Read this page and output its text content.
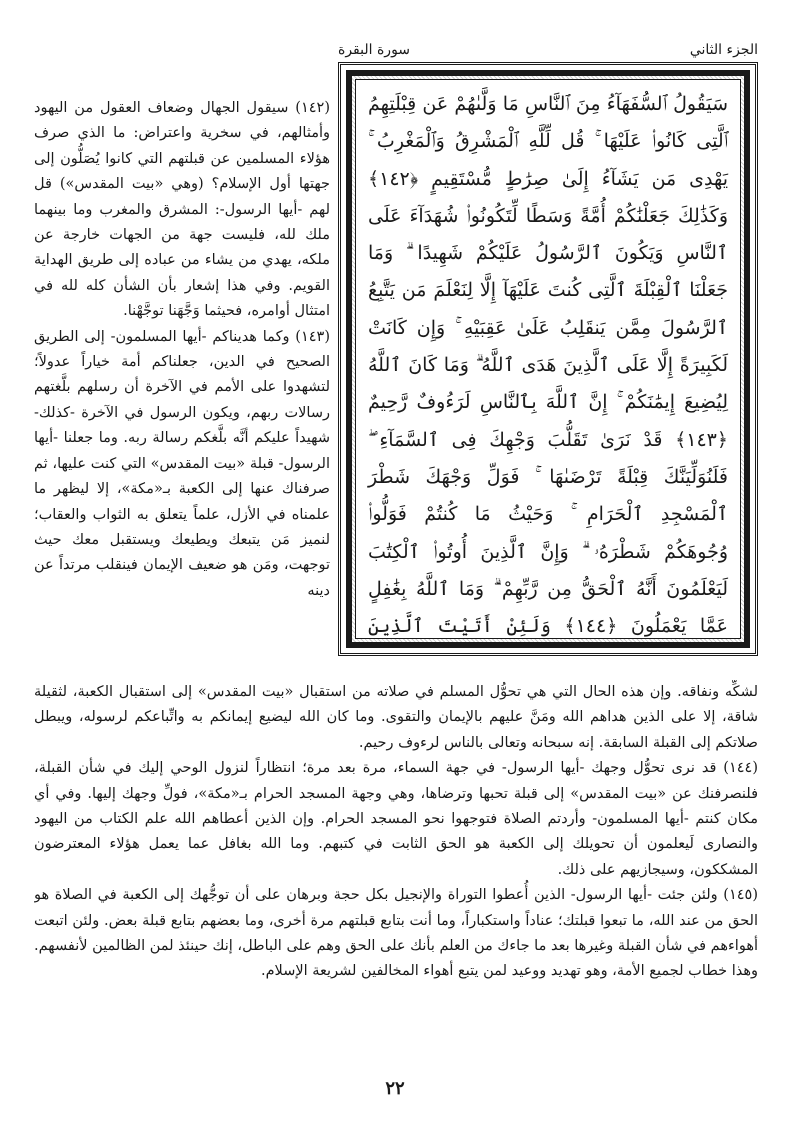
الجزء الثاني
سورة البقرة
سَيَقُولُ ٱلسُّفَهَآءُ مِنَ ٱلنَّاسِ مَا وَلَّىٰهُمْ عَن قِبْلَتِهِمُ ٱلَّتِى كَانُوا۟ عَلَيْهَا ۚ قُل لِّلَّهِ ٱلْمَشْرِقُ وَٱلْمَغْرِبُ ۚ يَهْدِى مَن يَشَآءُ إِلَىٰ صِرَٰطٍ مُّسْتَقِيمٍ ﴿١٤٢﴾ وَكَذَٰلِكَ جَعَلْنَٰكُمْ أُمَّةً وَسَطًا لِّتَكُونُوا۟ شُهَدَآءَ عَلَى ٱلنَّاسِ وَيَكُونَ ٱلرَّسُولُ عَلَيْكُمْ شَهِيدًا ۗ وَمَا جَعَلْنَا ٱلْقِبْلَةَ ٱلَّتِى كُنتَ عَلَيْهَآ إِلَّا لِنَعْلَمَ مَن يَتَّبِعُ ٱلرَّسُولَ مِمَّن يَنقَلِبُ عَلَىٰ عَقِبَيْهِ ۚ وَإِن كَانَتْ لَكَبِيرَةً إِلَّا عَلَى ٱلَّذِينَ هَدَى ٱللَّهُ ۗ وَمَا كَانَ ٱللَّهُ لِيُضِيعَ إِيمَٰنَكُمْ ۚ إِنَّ ٱللَّهَ بِٱلنَّاسِ لَرَءُوفٌ رَّحِيمٌ ﴿١٤٣﴾ قَدْ نَرَىٰ تَقَلُّبَ وَجْهِكَ فِى ٱلسَّمَآءِ ۖ فَلَنُوَلِّيَنَّكَ قِبْلَةً تَرْضَىٰهَا ۚ فَوَلِّ وَجْهَكَ شَطْرَ ٱلْمَسْجِدِ ٱلْحَرَامِ ۚ وَحَيْثُ مَا كُنتُمْ فَوَلُّوا۟ وُجُوهَكُمْ شَطْرَهُۥ ۗ وَإِنَّ ٱلَّذِينَ أُوتُوا۟ ٱلْكِتَٰبَ لَيَعْلَمُونَ أَنَّهُ ٱلْحَقُّ مِن رَّبِّهِمْ ۗ وَمَا ٱللَّهُ بِغَٰفِلٍ عَمَّا يَعْمَلُونَ ﴿١٤٤﴾ وَلَئِنْ أَتَيْتَ ٱلَّذِينَ

(١٤٢) سيقول الجهال وضعاف العقول من اليهود وأمثالهم، في سخرية واعتراض: ما الذي صرف هؤلاء المسلمين عن قبلتهم التي كانوا يُصَلُّون إلى جهتها أول الإسلام؟ (وهي «بيت المقدس») قل لهم -أيها الرسول-: المشرق والمغرب وما بينهما ملك لله، فليست جهة من الجهات خارجة عن ملكه، يهدي من يشاء من عباده إلى طريق الهداية القويم. وفي هذا إشعار بأن الشأن كله لله في امتثال أوامره، فحيثما وَجَّهَنا توجَّهْنا.

(١٤٣) وكما هديناكم -أيها المسلمون- إلى الطريق الصحيح في الدين، جعلناكم أمة خياراً عدولاً؛ لتشهدوا على الأمم في الآخرة أن رسلهم بلَّغتهم رسالات ربهم، ويكون الرسول في الآخرة -كذلك- شهيداً عليكم أنَّه بلَّغكم رسالة ربه. وما جعلنا -أيها الرسول- قبلة «بيت المقدس» التي كنت عليها، ثم صرفناك عنها إلى الكعبة بـ«مكة»، إلا ليظهر ما علمناه في الأزل، علماً يتعلق به الثواب والعقاب؛ لنميز مَن يتبعك ويطيعك ويستقبل معك حيث توجهت، ومَن هو ضعيف الإيمان فينقلب مرتداً عن دينه

لشكِّه ونفاقه. وإن هذه الحال التي هي تحوُّل المسلم في صلاته من استقبال «بيت المقدس» إلى استقبال الكعبة، لثقيلة شاقة، إلا على الذين هداهم الله ومَنَّ عليهم بالإيمان والتقوى. وما كان الله ليضيع إيمانكم به واتِّباعكم لرسوله، ويبطل صلاتكم إلى القبلة السابقة. إنه سبحانه وتعالى بالناس لرءوف رحيم.

(١٤٤) قد نرى تحوُّل وجهك -أيها الرسول- في جهة السماء، مرة بعد مرة؛ انتظاراً لنزول الوحي إليك في شأن القبلة، فلنصرفنك عن «بيت المقدس» إلى قبلة تحبها وترضاها، وهي وجهة المسجد الحرام بـ«مكة»، فولِّ وجهك إليها. وفي أي مكان كنتم -أيها المسلمون- وأردتم الصلاة فتوجهوا نحو المسجد الحرام. وإن الذين أعطاهم الله علم الكتاب من اليهود والنصارى لَيعلمون أن تحويلك إلى الكعبة هو الحق الثابت في كتبهم. وما الله بغافل عما يعمل هؤلاء المعترضون المشككون، وسيجازيهم على ذلك.

(١٤٥) ولئن جئت -أيها الرسول- الذين أُعطوا التوراة والإنجيل بكل حجة وبرهان على أن توجُّهك إلى الكعبة في الصلاة هو الحق من عند الله، ما تبعوا قبلتك؛ عناداً واستكباراً، وما أنت بتابع قبلتهم مرة أخرى، وما بعضهم بتابع قبلة بعض. ولئن اتبعت أهواءهم في شأن القبلة وغيرها بعد ما جاءك من العلم بأنك على الحق وهم على الباطل، إنك حينئذ لمن الظالمين لأنفسهم. وهذا خطاب لجميع الأمة، وهو تهديد ووعيد لمن يتبع أهواء المخالفين لشريعة الإسلام.

٢٢
